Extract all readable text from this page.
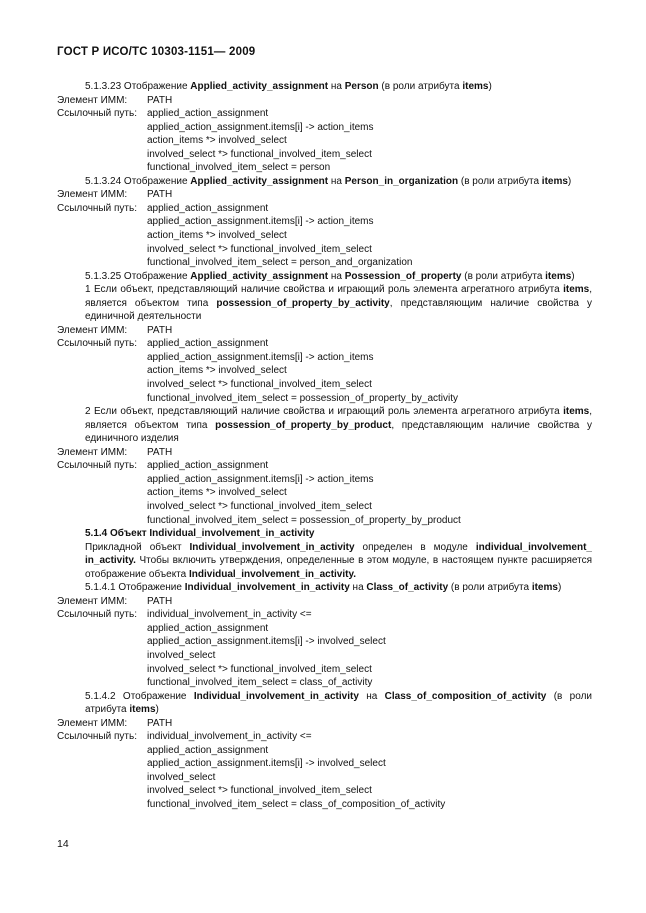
ГОСТ Р ИСО/ТС 10303-1151— 2009
5.1.3.23 Отображение Applied_activity_assignment на Person (в роли атрибута items)
Элемент ИММ: PATH
Ссылочный путь: applied_action_assignment
applied_action_assignment.items[i] -> action_items
action_items *> involved_select
involved_select *> functional_involved_item_select
functional_involved_item_select = person
5.1.3.24 Отображение Applied_activity_assignment на Person_in_organization (в роли атрибута items)
Элемент ИММ: PATH
Ссылочный путь: applied_action_assignment
applied_action_assignment.items[i] -> action_items
action_items *> involved_select
involved_select *> functional_involved_item_select
functional_involved_item_select = person_and_organization
5.1.3.25 Отображение Applied_activity_assignment на Possession_of_property (в роли атрибута items)
1 Если объект, представляющий наличие свойства и играющий роль элемента агрегатного атрибута items, является объектом типа possession_of_property_by_activity, представляющим наличие свойства у единичной деятельности
Элемент ИММ: PATH
Ссылочный путь: applied_action_assignment
applied_action_assignment.items[i] -> action_items
action_items *> involved_select
involved_select *> functional_involved_item_select
functional_involved_item_select = possession_of_property_by_activity
2 Если объект, представляющий наличие свойства и играющий роль элемента агрегатного атрибута items, является объектом типа possession_of_property_by_product, представляющим наличие свойства у единичного изделия
Элемент ИММ: PATH
Ссылочный путь: applied_action_assignment
applied_action_assignment.items[i] -> action_items
action_items *> involved_select
involved_select *> functional_involved_item_select
functional_involved_item_select = possession_of_property_by_product
5.1.4 Объект Individual_involvement_in_activity
Прикладной объект Individual_involvement_in_activity определен в модуле individual_involvement_ in_activity. Чтобы включить утверждения, определенные в этом модуле, в настоящем пункте расширяется отображение объекта Individual_involvement_in_activity.
5.1.4.1 Отображение Individual_involvement_in_activity на Class_of_activity (в роли атрибута items)
Элемент ИММ: PATH
Ссылочный путь: individual_involvement_in_activity <=
applied_action_assignment
applied_action_assignment.items[i] -> involved_select
involved_select
involved_select *> functional_involved_item_select
functional_involved_item_select = class_of_activity
5.1.4.2 Отображение Individual_involvement_in_activity на Class_of_composition_of_activity (в роли атрибута items)
Элемент ИММ: PATH
Ссылочный путь: individual_involvement_in_activity <=
applied_action_assignment
applied_action_assignment.items[i] -> involved_select
involved_select
involved_select *> functional_involved_item_select
functional_involved_item_select = class_of_composition_of_activity
14
